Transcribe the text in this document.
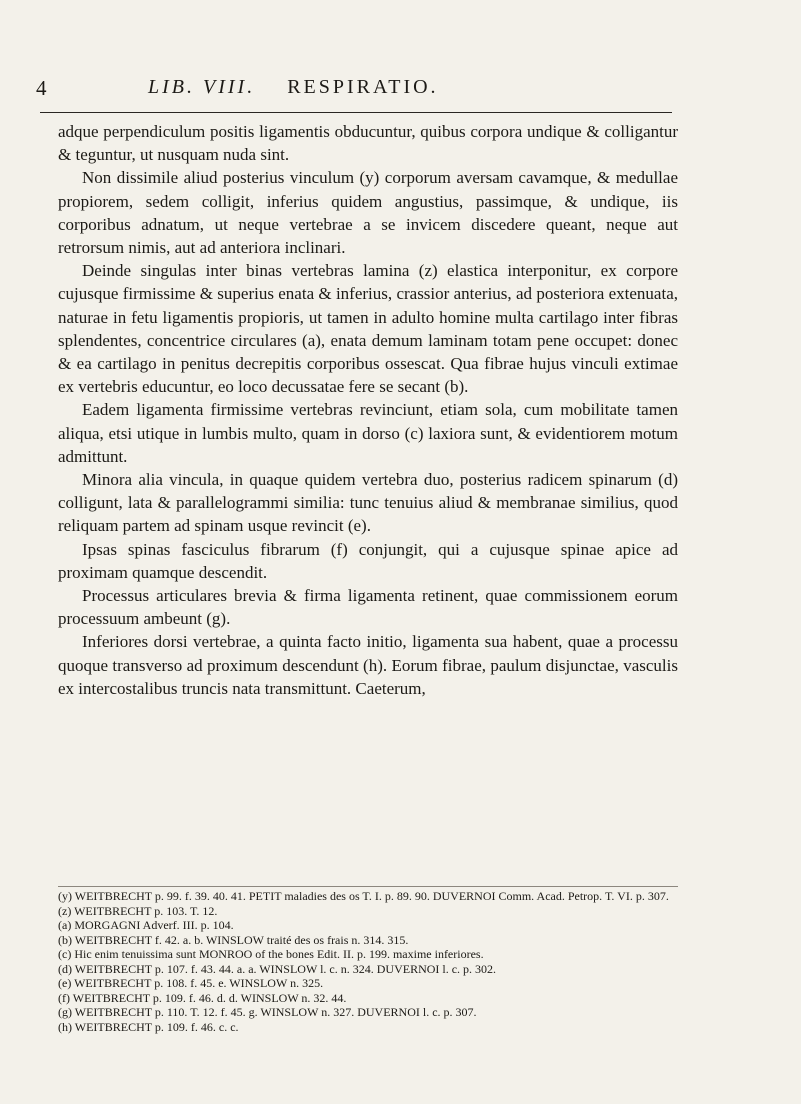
4	LIB. VIII. RESPIRATIO.

adque perpendiculum positis ligamentis obducuntur, quibus corpora undique & colligantur & teguntur, ut nusquam nuda sint.

Non dissimile aliud posterius vinculum (y) corporum aversam cavamque, & medullae propiorem, sedem colligit, inferius quidem angustius, passimque, & undique, iis corporibus adnatum, ut neque vertebrae a se invicem discedere queant, neque aut retrorsum nimis, aut ad anteriora inclinari.

Deinde singulas inter binas vertebras lamina (z) elastica interponitur, ex corpore cujusque firmissime & superius enata & inferius, crassior anterius, ad posteriora extenuata, naturae in fetu ligamentis propioris, ut tamen in adulto homine multa cartilago inter fibras splendentes, concentrice circulares (a), enata demum laminam totam pene occupet: donec & ea cartilago in penitus decrepitis corporibus ossescat. Qua fibrae hujus vinculi extimae ex vertebris educuntur, eo loco decussatae fere se secant (b).

Eadem ligamenta firmissime vertebras revinciunt, etiam sola, cum mobilitate tamen aliqua, etsi utique in lumbis multo, quam in dorso (c) laxiora sunt, & evidentiorem motum admittunt.

Minora alia vincula, in quaque quidem vertebra duo, posterius radicem spinarum (d) colligunt, lata & parallelogrammi similia: tunc tenuius aliud & membranae similius, quod reliquam partem ad spinam usque revincit (e).

Ipsas spinas fasciculus fibrarum (f) conjungit, qui a cujusque spinae apice ad proximam quamque descendit.

Processus articulares brevia & firma ligamenta retinent, quae commissionem eorum processuum ambeunt (g).

Inferiores dorsi vertebrae, a quinta facto initio, ligamenta sua habent, quae a processu quoque transverso ad proximum descendunt (h). Eorum fibrae, paulum disjunctae, vasculis ex intercostalibus truncis nata transmittunt. Caeterum,

(y) WEITBRECHT p. 99. f. 39. 40. 41. PETIT maladies des os T. I. p. 89. 90. DUVERNOI Comm. Acad. Petrop. T. VI. p. 307.
(z) WEITBRECHT p. 103. T. 12.
(a) MORGAGNI Adverf. III. p. 104.
(b) WEITBRECHT f. 42. a. b. WINSLOW traité des os frais n. 314. 315.
(c) Hic enim tenuissima sunt MONROO of the bones Edit. II. p. 199. maxime inferiores.
(d) WEITBRECHT p. 107. f. 43. 44. a. a. WINSLOW l. c. n. 324. DUVERNOI l. c. p. 302.
(e) WEITBRECHT p. 108. f. 45. e. WINSLOW n. 325.
(f) WEITBRECHT p. 109. f. 46. d. d. WINSLOW n. 32. 44.
(g) WEITBRECHT p. 110. T. 12. f. 45. g. WINSLOW n. 327. DUVERNOI l. c. p. 307.
(h) WEITBRECHT p. 109. f. 46. c. c.
